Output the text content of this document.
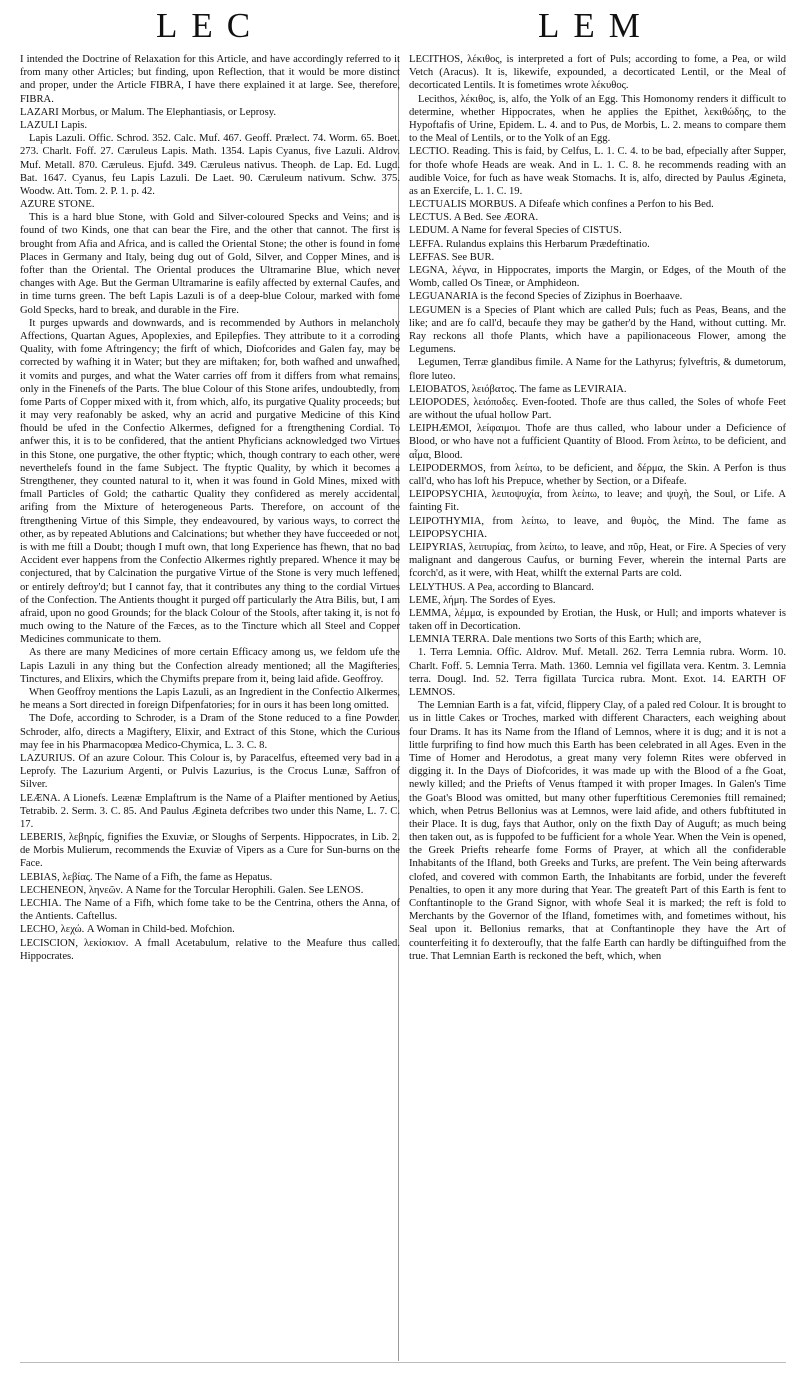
LEC	LEM

I intended the Doctrine of Relaxation for this Article, and have accordingly referred to it from many other Articles; but finding, upon Reflection, that it would be more distinct and proper, under the Article FIBRA, I have there explained it at large. See, therefore, FIBRA.

LAZARI Morbus, or Malum. The Elephantiasis, or Leprosy.

LAZULI Lapis.

Lapis Lazuli. Offic. Schrod. 352. Calc. Muf. 467. Geoff. Prælect. 74. Worm. 65. Boet. 273. Charlt. Foff. 27. Cæruleus Lapis. Math. 1354. Lapis Cyanus, five Lazuli. Aldrov. Muf. Metall. 870. Cæruleus. Ejufd. 349. Cæruleus nativus. Theoph. de Lap. Ed. Lugd. Bat. 1647. Cyanus, feu Lapis Lazuli. De Laet. 90. Cæruleum nativum. Schw. 375. Woodw. Att. Tom. 2. P. 1. p. 42.

AZURE STONE.

This is a hard blue Stone, with Gold and Silver-coloured Specks and Veins; and is found of two Kinds, one that can bear the Fire, and the other that cannot. The first is brought from Afia and Africa, and is called the Oriental Stone; the other is found in fome Places in Germany and Italy, being dug out of Gold, Silver, and Copper Mines, and is fofter than the Oriental. The Oriental produces the Ultramarine Blue, which never changes with Age. But the German Ultramarine is eafily affected by external Caufes, and in time turns green. The beft Lapis Lazuli is of a deep-blue Colour, marked with fome Gold Specks, hard to break, and durable in the Fire.

It purges upwards and downwards, and is recommended by Authors in melancholy Affections, Quartan Agues, Apoplexies, and Epilepfies. They attribute to it a corroding Quality, with fome Aftringency; the firft of which, Diofcorides and Galen fay, may be corrected by wafhing it in Water; but they are miftaken; for, both wafhed and unwafhed, it vomits and purges, and what the Water carries off from it differs from what remains, only in the Finenefs of the Parts. The blue Colour of this Stone arifes, undoubtedly, from fome Parts of Copper mixed with it, from which, alfo, its purgative Quality proceeds; but it may very reafonably be asked, why an acrid and purgative Medicine of this Kind fhould be ufed in the Confectio Alkermes, defigned for a ftrengthening Cordial. To anfwer this, it is to be confidered, that the antient Phyficians acknowledged two Virtues in this Stone, one purgative, the other ftyptic; which, though contrary to each other, were neverthelefs found in the fame Subject. The ftyptic Quality, by which it becomes a Strengthener, they counted natural to it, when it was found in Gold Mines, mixed with fmall Particles of Gold; the cathartic Quality they confidered as merely accidental, arifing from the Mixture of heterogeneous Parts. Therefore, on account of the ftrengthening Virtue of this Simple, they endeavoured, by various ways, to correct the other, as by repeated Ablutions and Calcinations; but whether they have fucceeded or not, is with me ftill a Doubt; though I muft own, that long Experience has fhewn, that no bad Accident ever happens from the Confectio Alkermes rightly prepared. Whence it may be conjectured, that by Calcination the purgative Virtue of the Stone is very much leffened, or entirely deftroy'd; but I cannot fay, that it contributes any thing to the cordial Virtues of the Confection. The Antients thought it purged off particularly the Atra Bilis, but, I am afraid, upon no good Grounds; for the black Colour of the Stools, after taking it, is not fo much owing to the Nature of the Fæces, as to the Tincture which all Steel and Copper Medicines communicate to them.

As there are many Medicines of more certain Efficacy among us, we feldom ufe the Lapis Lazuli in any thing but the Confection already mentioned; all the Magifteries, Tinctures, and Elixirs, which the Chymifts prepare from it, being laid afide. Geoffroy.

When Geoffroy mentions the Lapis Lazuli, as an Ingredient in the Confectio Alkermes, he means a Sort directed in foreign Difpenfatories; for in ours it has been long omitted.

The Dofe, according to Schroder, is a Dram of the Stone reduced to a fine Powder. Schroder, alfo, directs a Magiftery, Elixir, and Extract of this Stone, which the Curious may fee in his Pharmacopœa Medico-Chymica, L. 3. C. 8.

LAZURIUS. Of an azure Colour. This Colour is, by Paracelfus, efteemed very bad in a Leprofy. The Lazurium Argenti, or Pulvis Lazurius, is the Crocus Lunæ, Saffron of Silver.

LEÆNA. A Lionefs. Leænæ Emplaftrum is the Name of a Plaifter mentioned by Aetius, Tetrabib. 2. Serm. 3. C. 85. And Paulus Ægineta defcribes two under this Name, L. 7. C. 17.

LEBERIS, λεβηρίς, fignifies the Exuviæ, or Sloughs of Serpents. Hippocrates, in Lib. 2. de Morbis Mulierum, recommends the Exuviæ of Vipers as a Cure for Sun-burns on the Face.

LEBIAS, λεβίας. The Name of a Fifh, the fame as Hepatus.

LECHENEON, ληνεῶν. A Name for the Torcular Herophili. Galen. See LENOS.

LECHIA. The Name of a Fifh, which fome take to be the Centrina, others the Anna, of the Antients. Caftellus.

LECHO, λεχώ. A Woman in Child-bed. Mofchion.

LECISCION, λεκίσκιον. A fmall Acetabulum, relative to the Meafure thus called. Hippocrates.

LECITHOS, λέκιθος, is interpreted a fort of Puls; according to fome, a Pea, or wild Vetch (Aracus). It is, likewife, expounded, a decorticated Lentil, or the Meal of decorticated Lentils. It is fometimes wrote λέκυθος.

Lecithos, λέκιθος, is, alfo, the Yolk of an Egg. This Homonomy renders it difficult to determine, whether Hippocrates, when he applies the Epithet, λεκιθώδης, to the Hypoftafis of Urine, Epidem. L. 4. and to Pus, de Morbis, L. 2. means to compare them to the Meal of Lentils, or to the Yolk of an Egg.

LECTIO. Reading. This is faid, by Celfus, L. 1. C. 4. to be bad, efpecially after Supper, for thofe whofe Heads are weak. And in L. 1. C. 8. he recommends reading with an audible Voice, for fuch as have weak Stomachs. It is, alfo, directed by Paulus Ægineta, as an Exercife, L. 1. C. 19.

LECTUALIS MORBUS. A Difeafe which confines a Perfon to his Bed.

LECTUS. A Bed. See ÆORA.

LEDUM. A Name for feveral Species of CISTUS.

LEFFA. Rulandus explains this Herbarum Prædeftinatio.

LEFFAS. See BUR.

LEGNA, λέγνα, in Hippocrates, imports the Margin, or Edges, of the Mouth of the Womb, called Os Tineæ, or Amphideon.

LEGUANARIA is the fecond Species of Ziziphus in Boerhaave.

LEGUMEN is a Species of Plant which are called Puls; fuch as Peas, Beans, and the like; and are fo call'd, becaufe they may be gather'd by the Hand, without cutting. Mr. Ray reckons all thofe Plants, which have a papilionaceous Flower, among the Legumens.

Legumen, Terræ glandibus fimile. A Name for the Lathyrus; fylveftris, & dumetorum, flore luteo.

LEIOBATOS, λειόβατος. The fame as LEVIRAIA.

LEIOPODES, λειόποδες. Even-footed. Thofe are thus called, the Soles of whofe Feet are without the ufual hollow Part.

LEIPHÆMOI, λείφαιμοι. Thofe are thus called, who labour under a Deficience of Blood, or who have not a fufficient Quantity of Blood. From λείπω, to be deficient, and αἷμα, Blood.

LEIPODERMOS, from λείπω, to be deficient, and δέρμα, the Skin. A Perfon is thus call'd, who has loft his Prepuce, whether by Section, or a Difeafe.

LEIPOPSYCHIA, λειποψυχία, from λείπω, to leave; and ψυχὴ, the Soul, or Life. A fainting Fit.

LEIPOTHYMIA, from λείπω, to leave, and θυμὸς, the Mind. The fame as LEIPOPSYCHIA.

LEIPYRIAS, λειπυρίας, from λείπω, to leave, and πῦρ, Heat, or Fire. A Species of very malignant and dangerous Caufus, or burning Fever, wherein the internal Parts are fcorch'd, as it were, with Heat, whilft the external Parts are cold.

LELYTHUS. A Pea, according to Blancard.

LEME, λήμη. The Sordes of Eyes.

LEMMA, λέμμα, is expounded by Erotian, the Husk, or Hull; and imports whatever is taken off in Decortication.

LEMNIA TERRA. Dale mentions two Sorts of this Earth; which are,

1. Terra Lemnia. Offic. Aldrov. Muf. Metall. 262. Terra Lemnia rubra. Worm. 10. Charlt. Foff. 5. Lemnia Terra. Math. 1360. Lemnia vel figillata vera. Kentm. 3. Lemnia terra. Dougl. Ind. 52. Terra figillata Turcica rubra. Mont. Exot. 14. EARTH OF LEMNOS.

The Lemnian Earth is a fat, vifcid, flippery Clay, of a paled red Colour. It is brought to us in little Cakes or Troches, marked with different Characters, each weighing about four Drams. It has its Name from the Ifland of Lemnos, where it is dug; and it is not a little furprifing to find how much this Earth has been celebrated in all Ages. Even in the Time of Homer and Herodotus, a great many very folemn Rites were obferved in digging it. In the Days of Diofcorides, it was made up with the Blood of a fhe Goat, newly killed; and the Priefts of Venus ftamped it with proper Images. In Galen's Time the Goat's Blood was omitted, but many other fuperftitious Ceremonies ftill remained; which, when Petrus Bellonius was at Lemnos, were laid afide, and others fubftituted in their Place. It is dug, fays that Author, only on the fixth Day of Auguft; as much being then taken out, as is fuppofed to be fufficient for a whole Year. When the Vein is opened, the Greek Priefts rehearfe fome Forms of Prayer, at which all the confiderable Inhabitants of the Ifland, both Greeks and Turks, are prefent. The Vein being afterwards clofed, and covered with common Earth, the Inhabitants are forbid, under the fevereft Penalties, to open it any more during that Year. The greateft Part of this Earth is fent to Conftantinople to the Grand Signor, with whofe Seal it is marked; the reft is fold to Merchants by the Governor of the Ifland, fometimes with, and fometimes without, his Seal upon it. Bellonius remarks, that at Conftantinople they have the Art of counterfeiting it fo dexteroufly, that the falfe Earth can hardly be diftinguifhed from the true. That Lemnian Earth is reckoned the beft, which, when
